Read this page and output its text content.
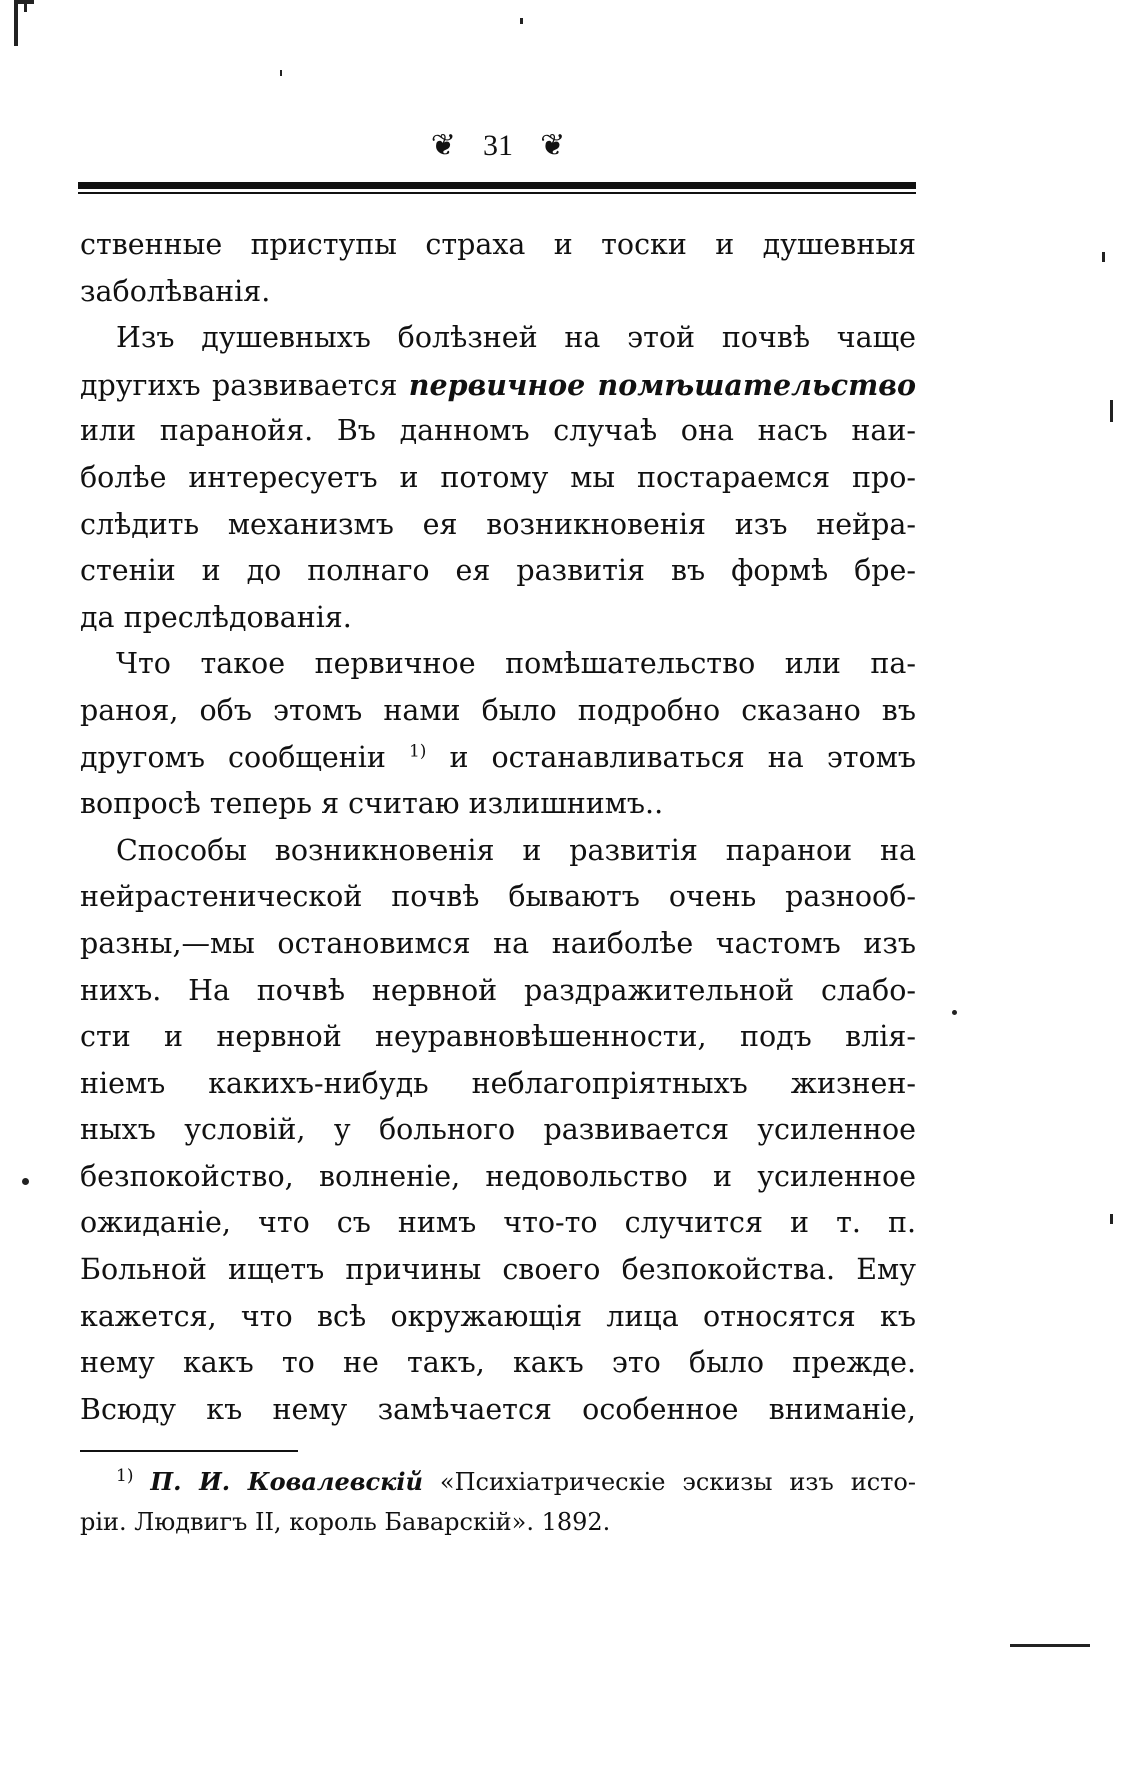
❦ 31 ❦
ственные приступы страха и тоски и душевныя
заболѣванія.
Изъ душевныхъ болѣзней на этой почвѣ чаще
другихъ развивается первичное помѣшательство
или паранойя. Въ данномъ случаѣ она насъ наи-
болѣе интересуетъ и потому мы постараемся про-
слѣдить механизмъ ея возникновенія изъ нейра-
стеніи и до полнаго ея развитія въ формѣ бре-
да преслѣдованія.
Что такое первичное помѣшательство или па-
раноя, объ этомъ нами было подробно сказано въ
другомъ сообщеніи $^{1)}$ и останавливаться на этомъ
вопросѣ теперь я считаю излишнимъ..
Способы возникновенія и развитія паранои на
нейрастенической почвѣ бываютъ очень разнооб-
разны,—мы остановимся на наиболѣе частомъ изъ
нихъ. На почвѣ нервной раздражительной слабо-
сти и нервной неуравновѣшенности, подъ влія-
ніемъ какихъ-нибудь неблагопріятныхъ жизнен-
ныхъ условій, у больного развивается усиленное
безпокойство, волненіе, недовольство и усиленное
ожиданіе, что съ нимъ что-то случится и т. п.
Больной ищетъ причины своего безпокойства. Ему
кажется, что всѣ окружающія лица относятся къ
нему какъ то не такъ, какъ это было прежде.
Всюду къ нему замѣчается особенное вниманіе,
$^{1)}$ П. И. Ковалевскій «Психіатрическіе эскизы изъ исто-
ріи. Людвигъ II, король Баварскій». 1892.
